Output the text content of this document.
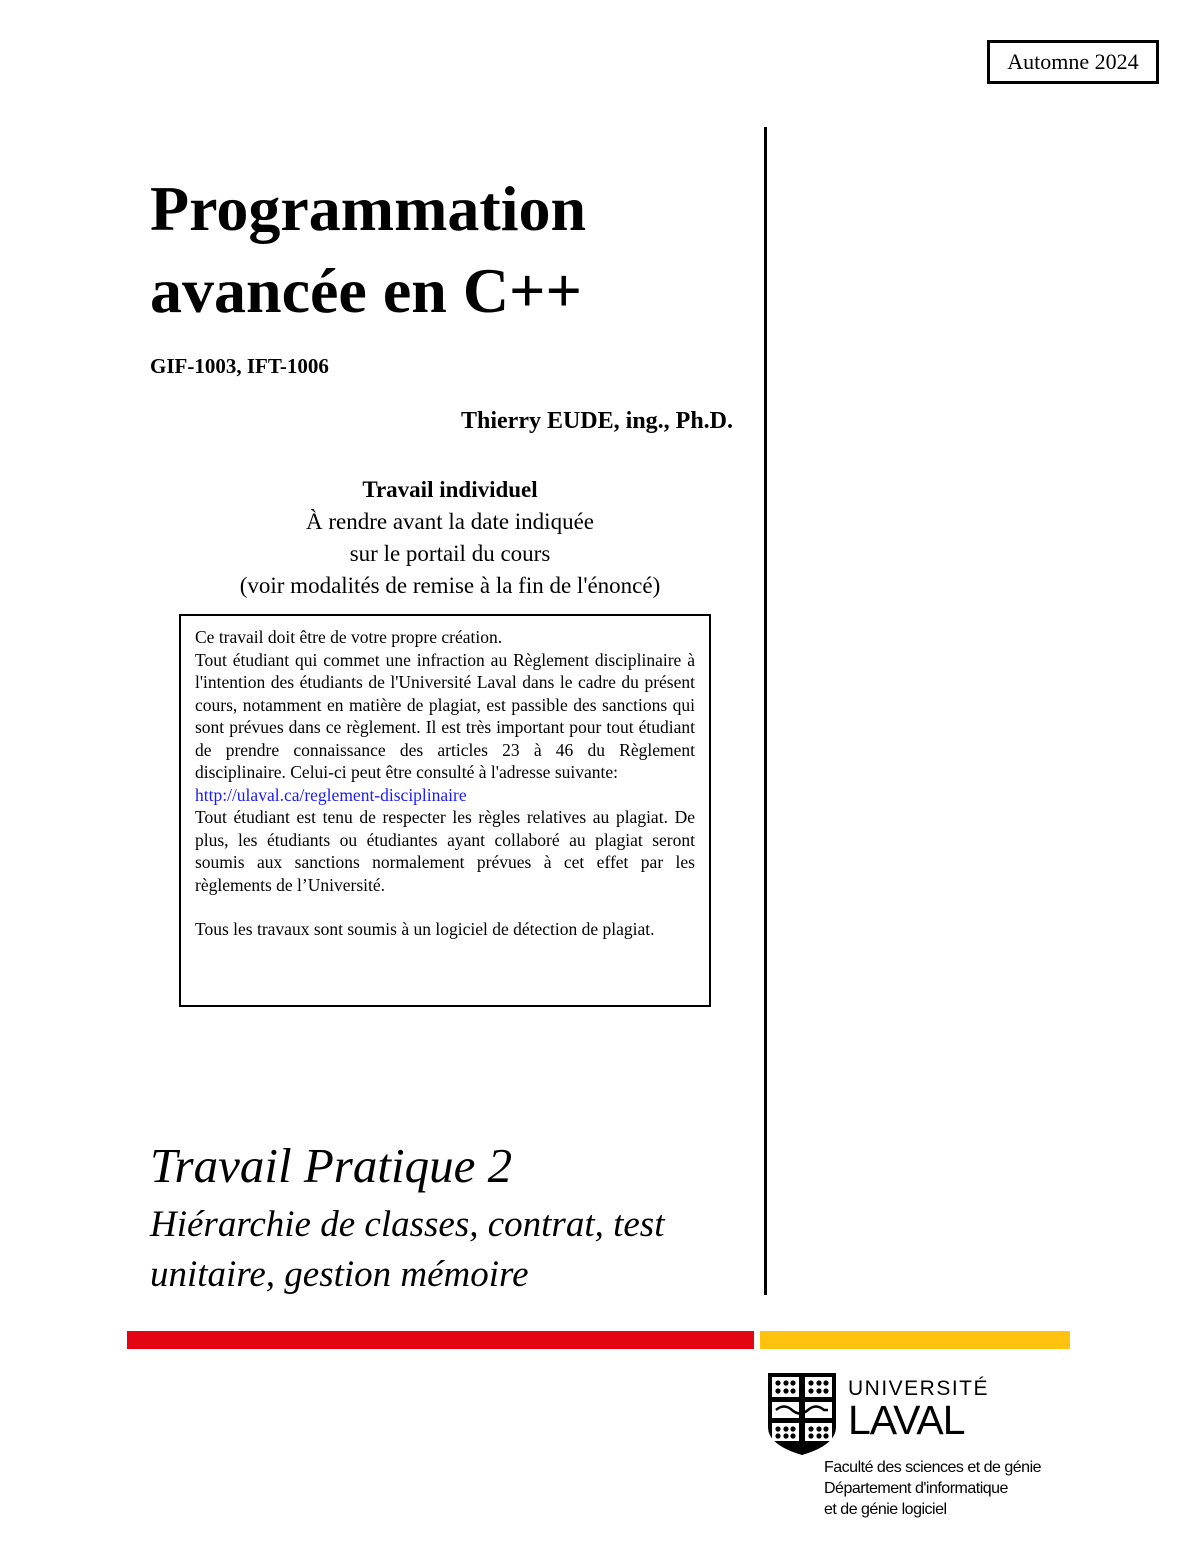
Automne 2024
Programmation
avancée en C++
GIF-1003, IFT-1006
Thierry EUDE, ing., Ph.D.
Travail individuel
À rendre avant la date indiquée
sur le portail du cours
(voir modalités de remise à la fin de l'énoncé)

Ce travail doit être de votre propre création.

Tout étudiant qui commet une infraction au Règlement disciplinaire à l'intention des étudiants de l'Université Laval dans le cadre du présent cours, notamment en matière de plagiat, est passible des sanctions qui sont prévues dans ce règlement. Il est très important pour tout étudiant de prendre connaissance des articles 23 à 46 du Règlement disciplinaire. Celui-ci peut être consulté à l'adresse suivante:

http://ulaval.ca/reglement-disciplinaire

Tout étudiant est tenu de respecter les règles relatives au plagiat. De plus, les étudiants ou étudiantes ayant collaboré au plagiat seront soumis aux sanctions normalement prévues à cet effet par les règlements de l’Université.

Tous les travaux sont soumis à un logiciel de détection de plagiat.

Travail Pratique 2
Hiérarchie de classes, contrat, test
unitaire, gestion mémoire
UNIVERSITÉ
LAVAL
Faculté des sciences et de génie
Département d'informatique
et de génie logiciel
